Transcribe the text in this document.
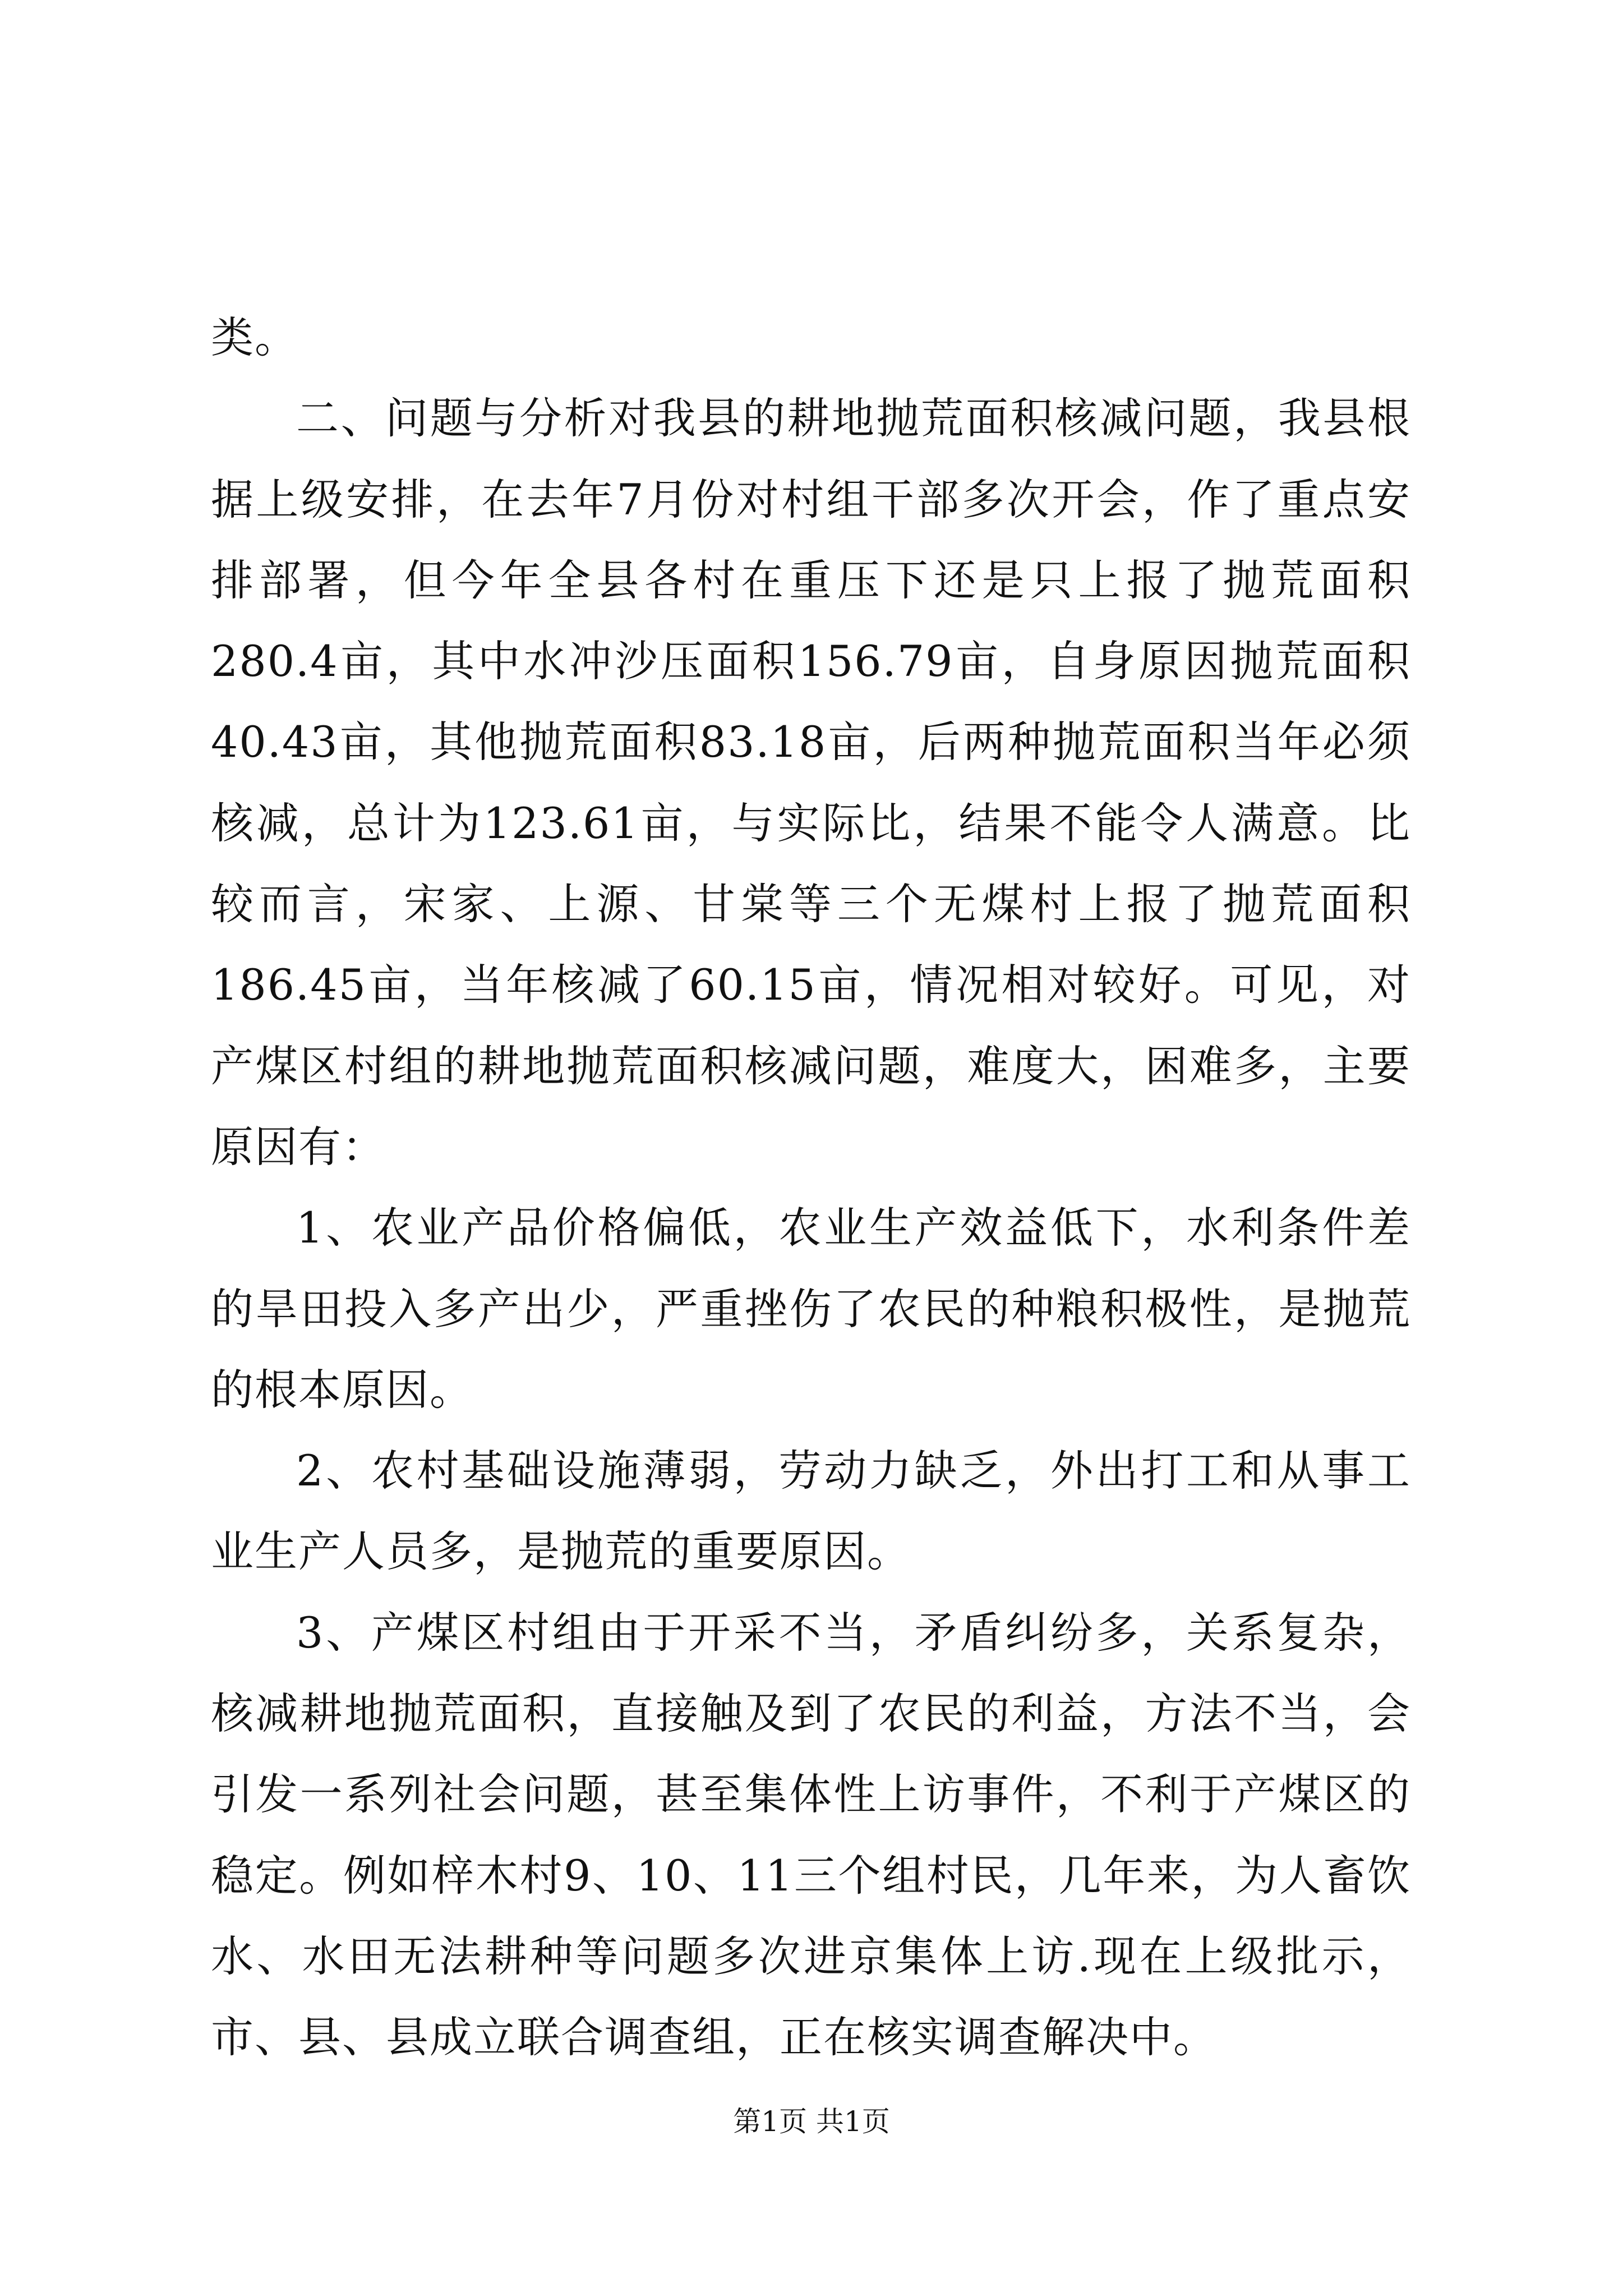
类。

二、问题与分析对我县的耕地抛荒面积核减问题，我县根据上级安排，在去年7月份对村组干部多次开会，作了重点安排部署，但今年全县各村在重压下还是只上报了抛荒面积280.4亩，其中水冲沙压面积156.79亩，自身原因抛荒面积40.43亩，其他抛荒面积83.18亩，后两种抛荒面积当年必须核减，总计为123.61亩，与实际比，结果不能令人满意。比较而言，宋家、上源、甘棠等三个无煤村上报了抛荒面积186.45亩，当年核减了60.15亩，情况相对较好。可见，对产煤区村组的耕地抛荒面积核减问题，难度大，困难多，主要原因有：

1、农业产品价格偏低，农业生产效益低下，水利条件差的旱田投入多产出少，严重挫伤了农民的种粮积极性，是抛荒的根本原因。

2、农村基础设施薄弱，劳动力缺乏，外出打工和从事工业生产人员多，是抛荒的重要原因。

3、产煤区村组由于开采不当，矛盾纠纷多，关系复杂，核减耕地抛荒面积，直接触及到了农民的利益，方法不当，会引发一系列社会问题，甚至集体性上访事件，不利于产煤区的稳定。例如梓木村9、10、11三个组村民，几年来，为人畜饮水、水田无法耕种等问题多次进京集体上访.现在上级批示，市、县、县成立联合调查组，正在核实调查解决中。

第1页 共1页
